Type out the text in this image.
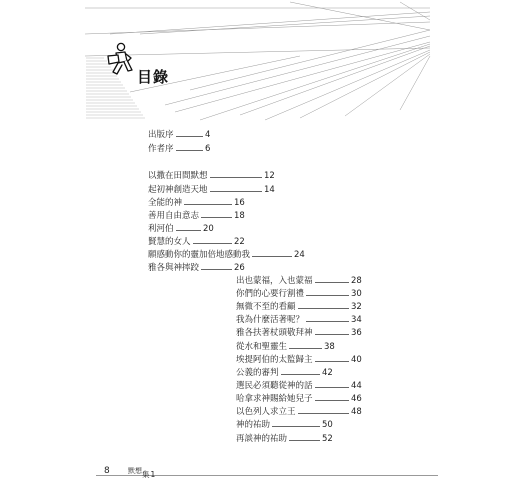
目錄
出版序	4
作者序	6
以撒在田間默想	12
起初神創造天地	14
全能的神	16
善用自由意志	18
利河伯	20
賢慧的女人	22
願感動你的靈加倍地感動我	24
雅各與神摔跤	26
出也蒙福，入也蒙福	28
你們的心要行割禮	30
無微不至的看顧	32
我為什麼活著呢？	34
雅各扶著杖頭敬拜神	36
從水和聖靈生	38
埃提阿伯的太監歸主	40
公義的審判	42
選民必須聽從神的話	44
哈拿求神賜給她兒子	46
以色列人求立王	48
神的祐助	50
再談神的祐助	52
8	默想集1
